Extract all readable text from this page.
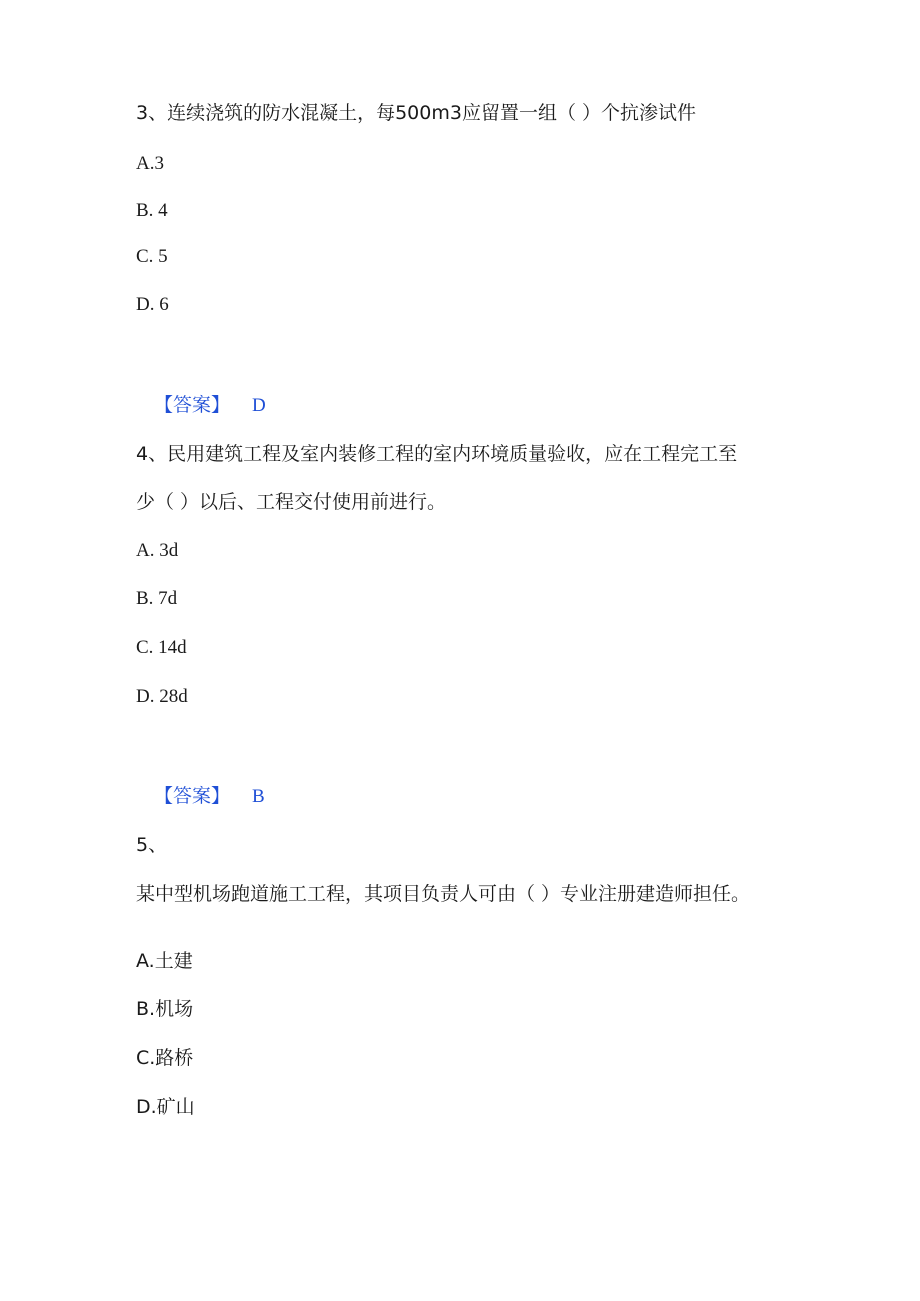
3、连续浇筑的防水混凝土，每500m3应留置一组（ ）个抗渗试件
A.3
B. 4
C. 5
D. 6
【答案】 D
4、民用建筑工程及室内装修工程的室内环境质量验收，应在工程完工至
少（ ）以后、工程交付使用前进行。
A. 3d
B. 7d
C. 14d
D. 28d
【答案】 B
5、
某中型机场跑道施工工程，其项目负责人可由（ ）专业注册建造师担任。
A.土建
B.机场
C.路桥
D.矿山
